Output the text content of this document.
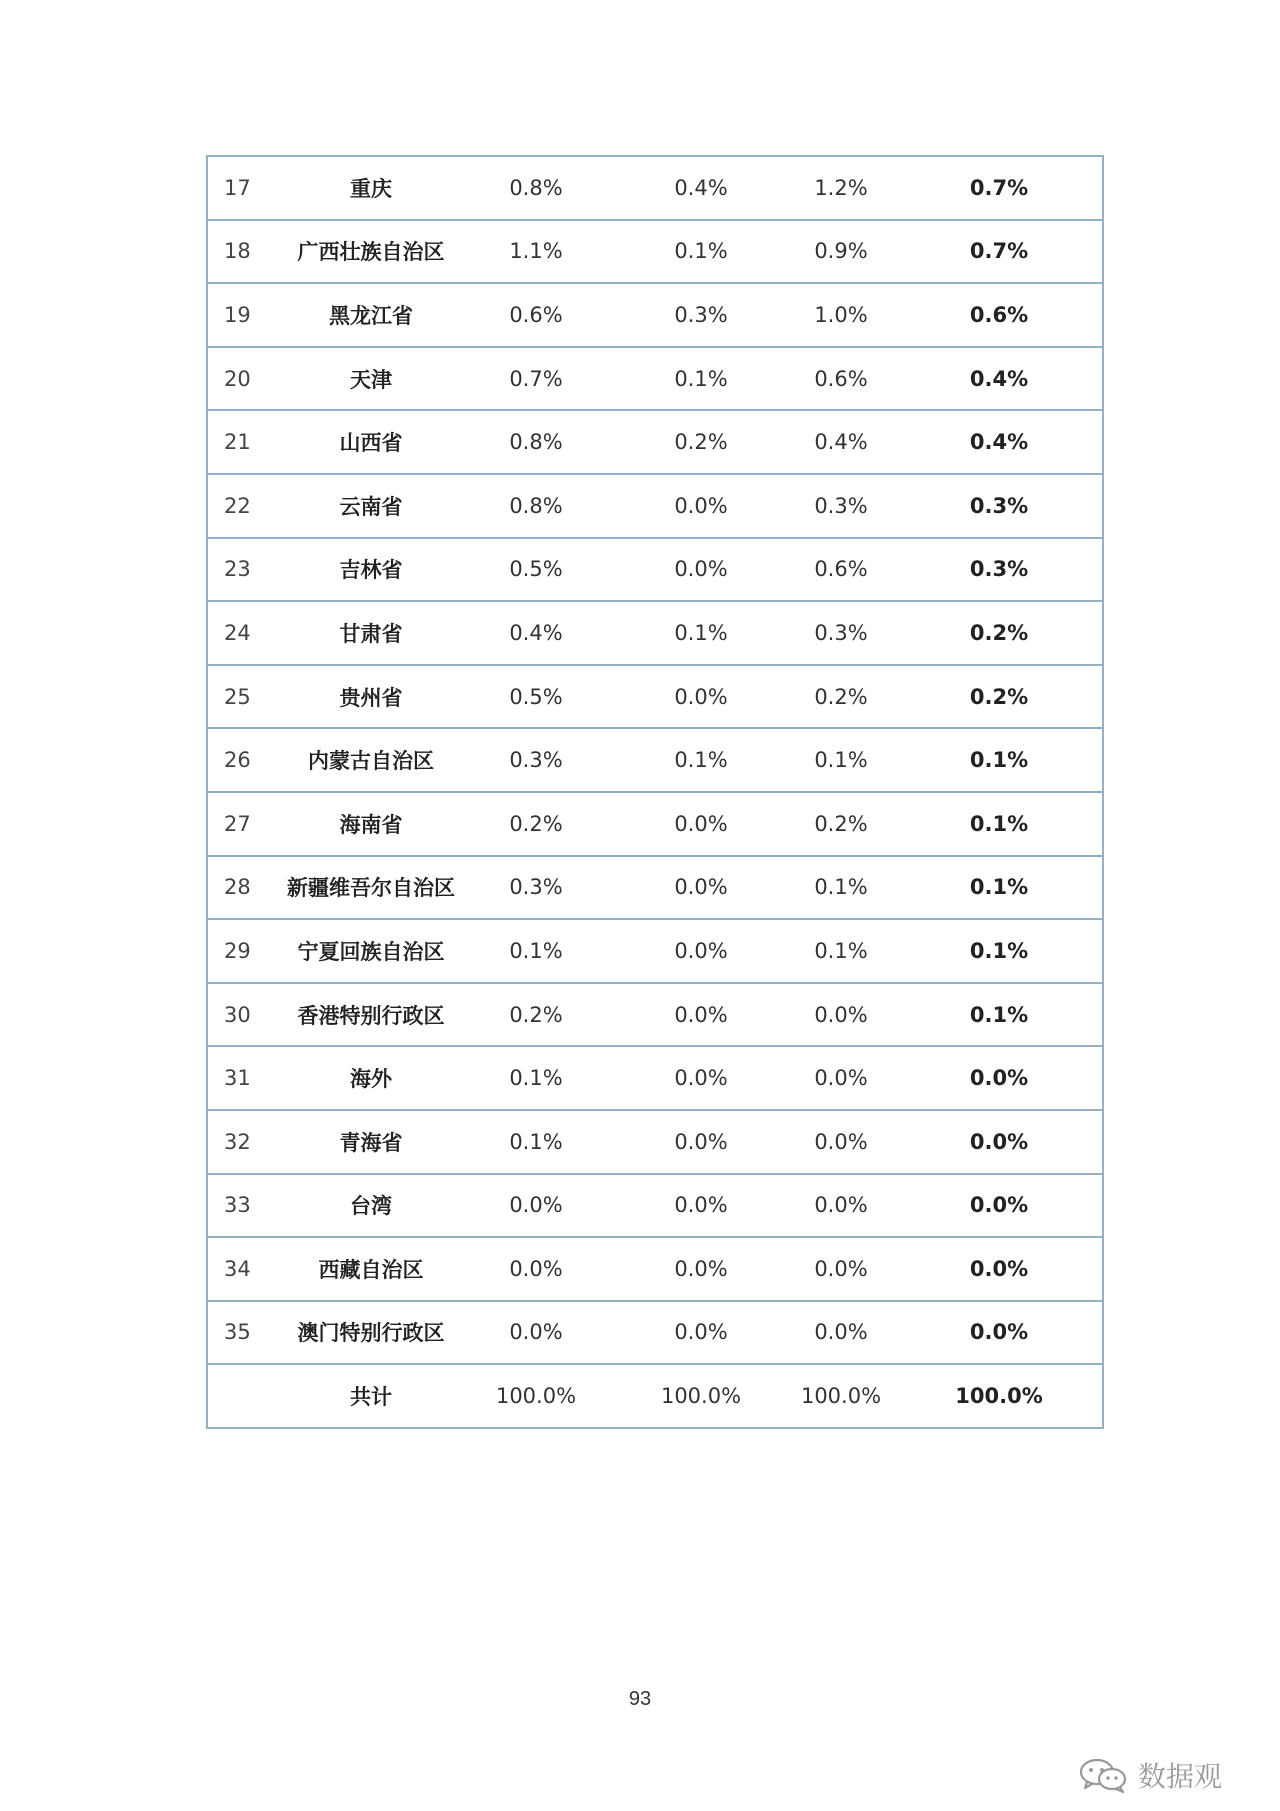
17	重庆	0.8%	0.4%	1.2%	0.7%
18	广西壮族自治区	1.1%	0.1%	0.9%	0.7%
19	黑龙江省	0.6%	0.3%	1.0%	0.6%
20	天津	0.7%	0.1%	0.6%	0.4%
21	山西省	0.8%	0.2%	0.4%	0.4%
22	云南省	0.8%	0.0%	0.3%	0.3%
23	吉林省	0.5%	0.0%	0.6%	0.3%
24	甘肃省	0.4%	0.1%	0.3%	0.2%
25	贵州省	0.5%	0.0%	0.2%	0.2%
26	内蒙古自治区	0.3%	0.1%	0.1%	0.1%
27	海南省	0.2%	0.0%	0.2%	0.1%
28	新疆维吾尔自治区	0.3%	0.0%	0.1%	0.1%
29	宁夏回族自治区	0.1%	0.0%	0.1%	0.1%
30	香港特别行政区	0.2%	0.0%	0.0%	0.1%
31	海外	0.1%	0.0%	0.0%	0.0%
32	青海省	0.1%	0.0%	0.0%	0.0%
33	台湾	0.0%	0.0%	0.0%	0.0%
34	西藏自治区	0.0%	0.0%	0.0%	0.0%
35	澳门特别行政区	0.0%	0.0%	0.0%	0.0%
	共计	100.0%	100.0%	100.0%	100.0%
93
数据观
